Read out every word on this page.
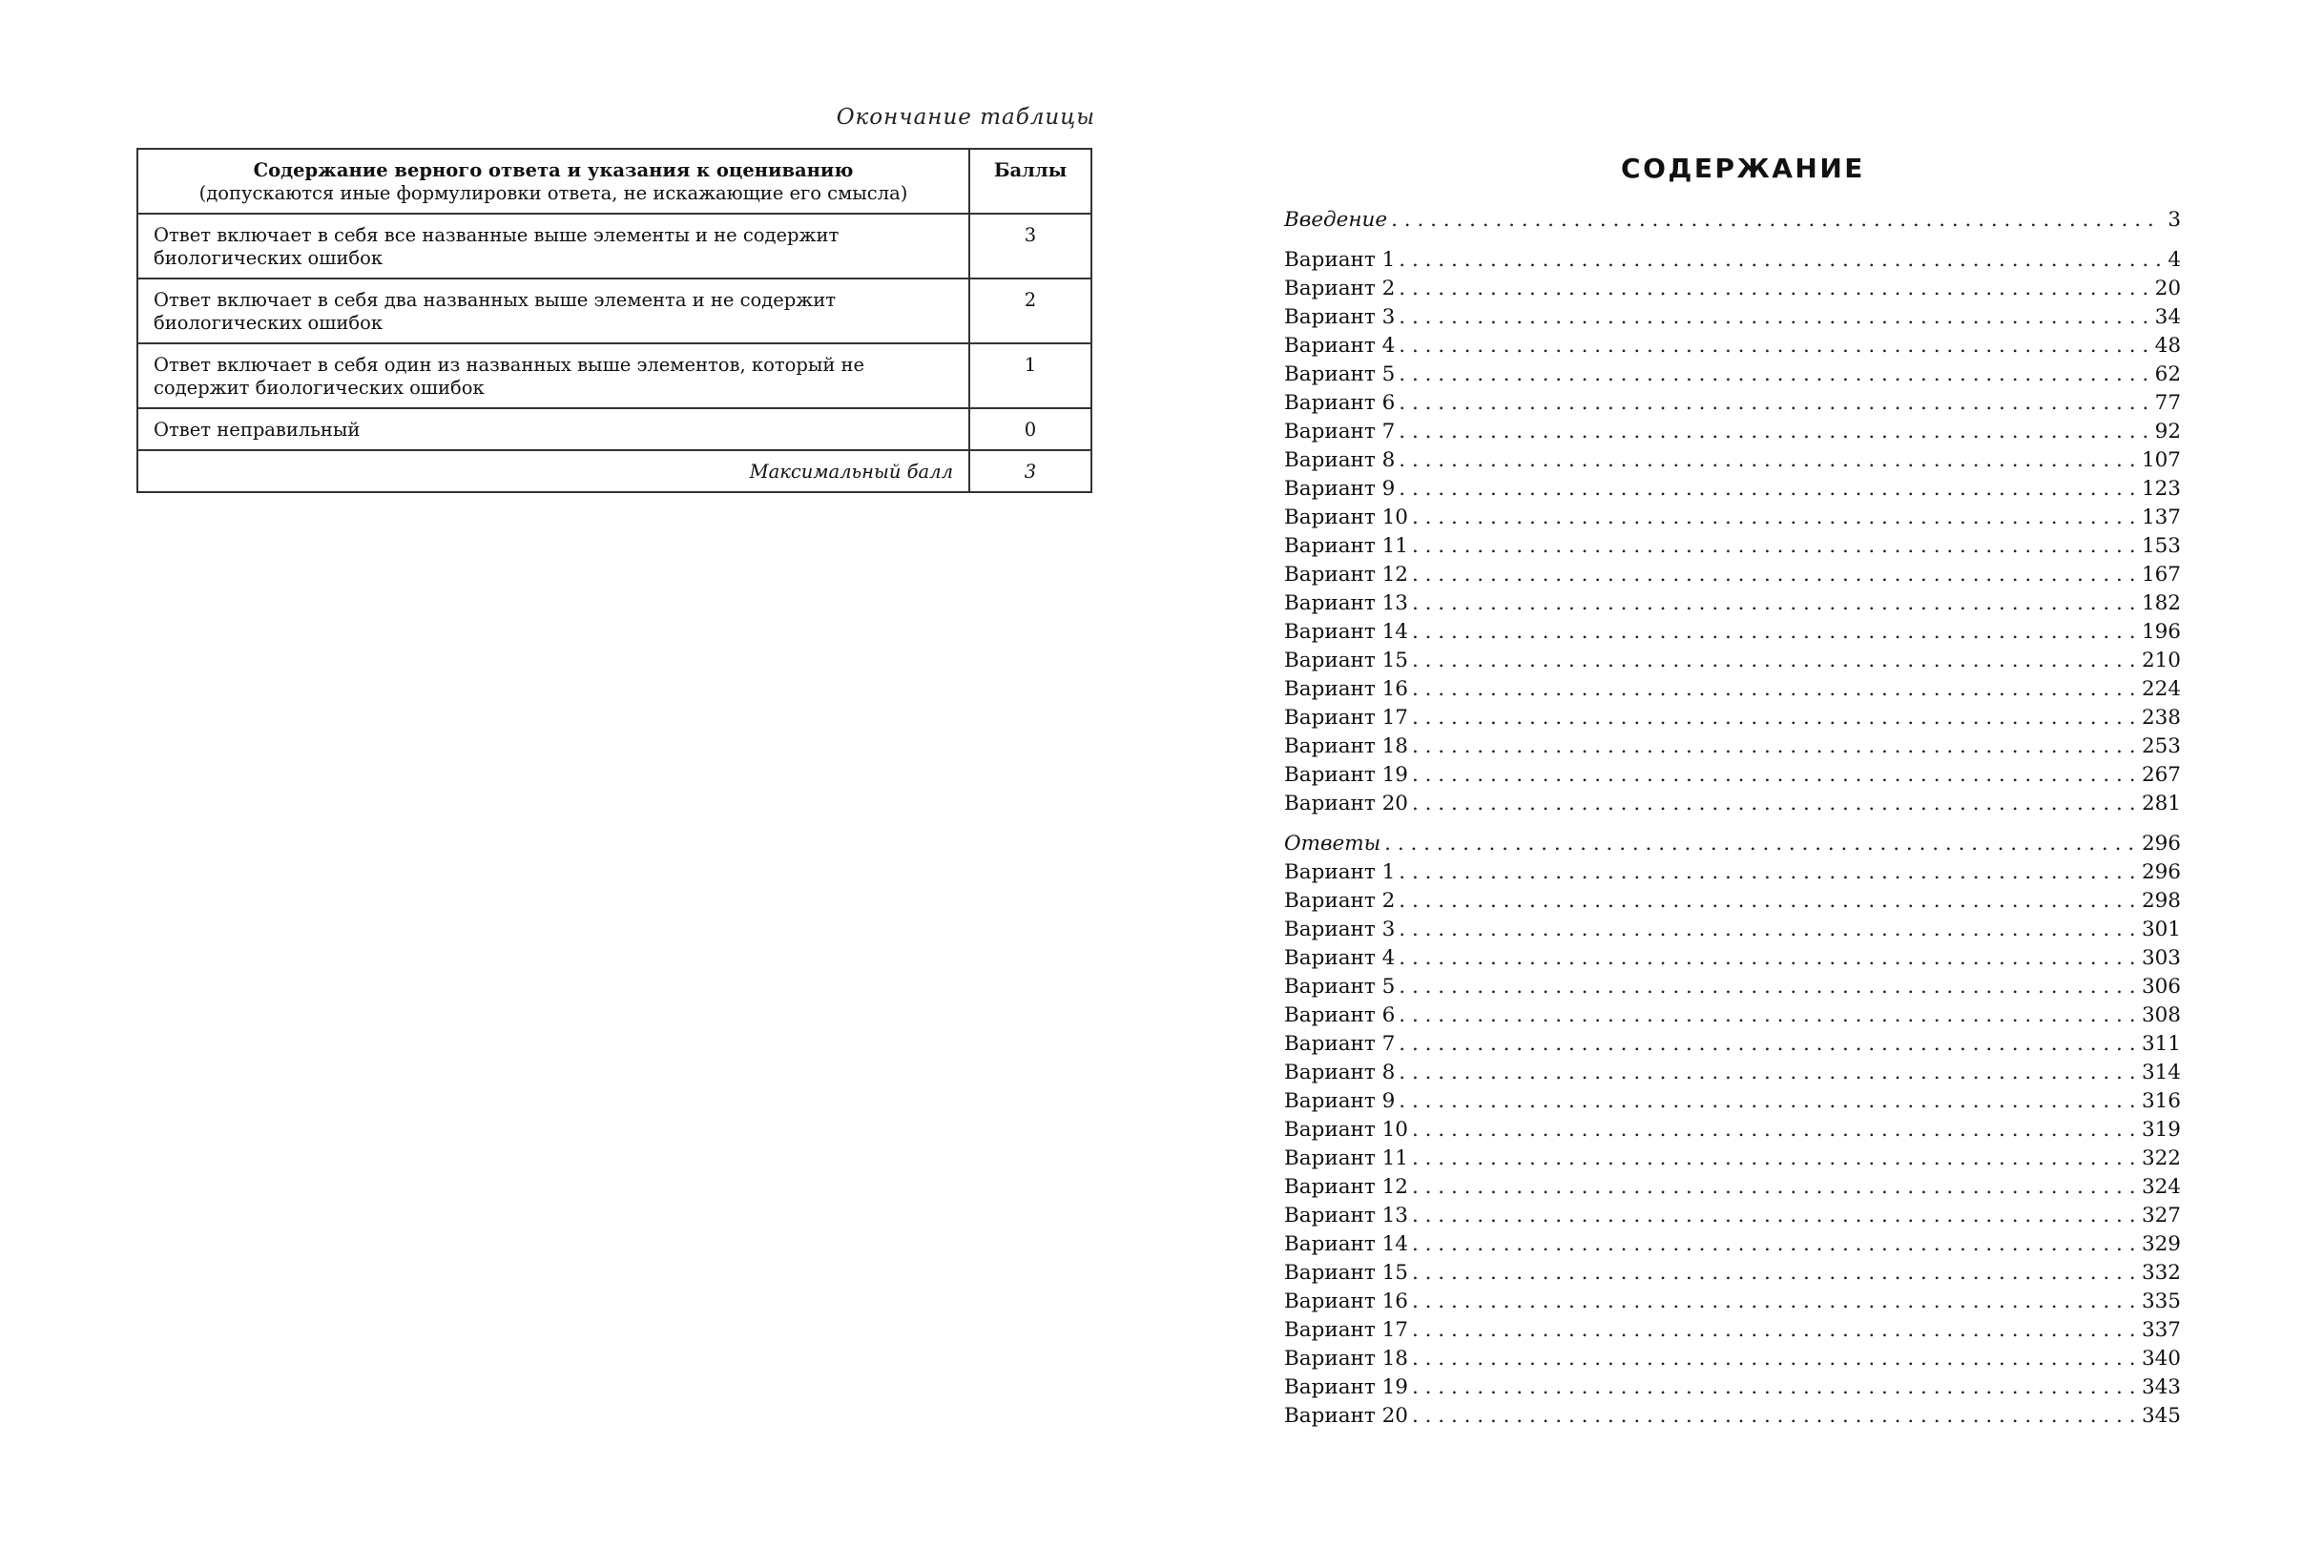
Окончание таблицы
Содержание верного ответа и указания к оцениванию
(допускаются иные формулировки ответа, не искажающие его смысла)	Баллы

Ответ включает в себя все названные выше элементы и не содержит биологических ошибок	3

Ответ включает в себя два названных выше элемента и не содержит биологических ошибок	2

Ответ включает в себя один из названных выше элементов, который не содержит биологических ошибок	1

Ответ неправильный	0
Максимальный балл	3
СОДЕРЖАНИЕ
Введение . . .	3
Вариант 1 . . .	4
Вариант 2 . . .	20
Вариант 3 . . .	34
Вариант 4 . . .	48
Вариант 5 . . .	62
Вариант 6 . . .	77
Вариант 7 . . .	92
Вариант 8 . . .	107
Вариант 9 . . .	123
Вариант 10 . . .	137
Вариант 11 . . .	153
Вариант 12 . . .	167
Вариант 13 . . .	182
Вариант 14 . . .	196
Вариант 15 . . .	210
Вариант 16 . . .	224
Вариант 17 . . .	238
Вариант 18 . . .	253
Вариант 19 . . .	267
Вариант 20 . . .	281
Ответы . . .	296
Вариант 1 . . .	296
Вариант 2 . . .	298
Вариант 3 . . .	301
Вариант 4 . . .	303
Вариант 5 . . .	306
Вариант 6 . . .	308
Вариант 7 . . .	311
Вариант 8 . . .	314
Вариант 9 . . .	316
Вариант 10 . . .	319
Вариант 11 . . .	322
Вариант 12 . . .	324
Вариант 13 . . .	327
Вариант 14 . . .	329
Вариант 15 . . .	332
Вариант 16 . . .	335
Вариант 17 . . .	337
Вариант 18 . . .	340
Вариант 19 . . .	343
Вариант 20 . . .	345
